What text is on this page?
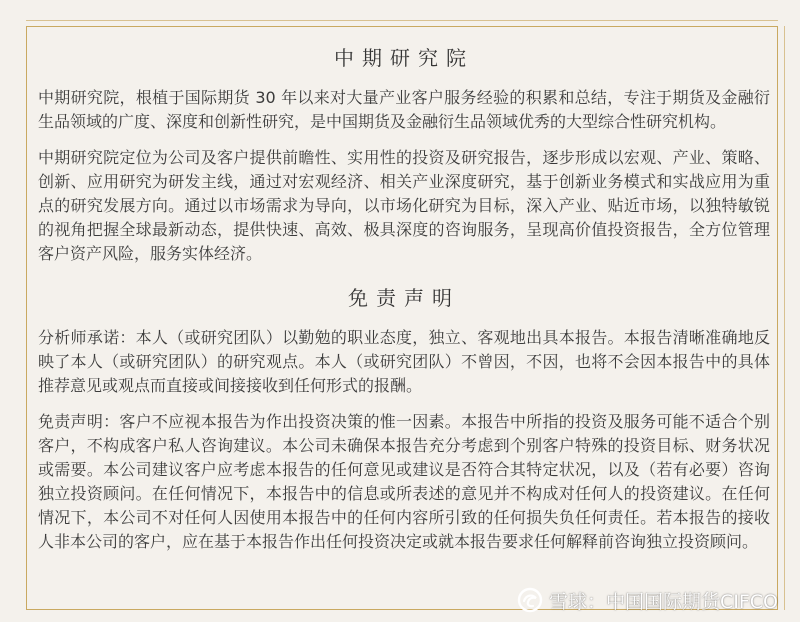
中期研究院

中期研究院，根植于国际期货 30 年以来对大量产业客户服务经验的积累和总结，专注于期货及金融衍生品领域的广度、深度和创新性研究，是中国期货及金融衍生品领域优秀的大型综合性研究机构。

中期研究院定位为公司及客户提供前瞻性、实用性的投资及研究报告，逐步形成以宏观、产业、策略、创新、应用研究为研发主线，通过对宏观经济、相关产业深度研究，基于创新业务模式和实战应用为重点的研究发展方向。通过以市场需求为导向，以市场化研究为目标，深入产业、贴近市场，以独特敏锐的视角把握全球最新动态，提供快速、高效、极具深度的咨询服务，呈现高价值投资报告，全方位管理客户资产风险，服务实体经济。

免责声明

分析师承诺：本人（或研究团队）以勤勉的职业态度，独立、客观地出具本报告。本报告清晰准确地反映了本人（或研究团队）的研究观点。本人（或研究团队）不曾因，不因，也将不会因本报告中的具体推荐意见或观点而直接或间接接收到任何形式的报酬。

免责声明：客户不应视本报告为作出投资决策的惟一因素。本报告中所指的投资及服务可能不适合个别客户，不构成客户私人咨询建议。本公司未确保本报告充分考虑到个别客户特殊的投资目标、财务状况或需要。本公司建议客户应考虑本报告的任何意见或建议是否符合其特定状况，以及（若有必要）咨询独立投资顾问。在任何情况下，本报告中的信息或所表述的意见并不构成对任何人的投资建议。在任何情况下，本公司不对任何人因使用本报告中的任何内容所引致的任何损失负任何责任。若本报告的接收人非本公司的客户，应在基于本报告作出任何投资决定或就本报告要求任何解释前咨询独立投资顾问。

雪球：中国国际期货CIFCO
